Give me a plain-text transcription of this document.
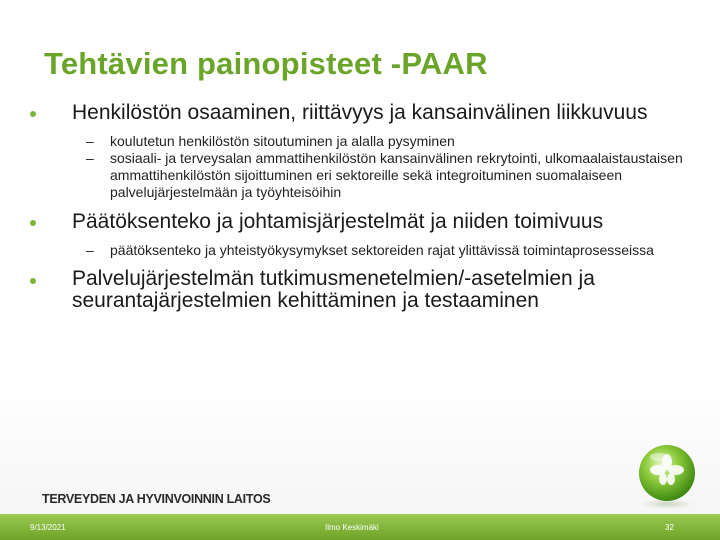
Tehtävien painopisteet -PAAR
Henkilöstön osaaminen, riittävyys ja kansainvälinen liikkuvuus
– koulutetun henkilöstön sitoutuminen ja alalla pysyminen
– sosiaali- ja terveysalan ammattihenkilöstön kansainvälinen rekrytointi, ulkomaalaistaustaisen ammattihenkilöstön sijoittuminen eri sektoreille sekä integroituminen suomalaiseen palvelujärjestelmään ja työyhteisöihin
Päätöksenteko ja johtamisjärjestelmät ja niiden toimivuus
– päätöksenteko ja yhteistyökysymykset sektoreiden rajat ylittävissä toimintaprosesseissa
Palvelujärjestelmän tutkimusmenetelmien/-asetelmien ja seurantajärjestelmien kehittäminen ja testaaminen
TERVEYDEN JA HYVINVOINNIN LAITOS
9/13/2021	Ilmo Keskimäki	32
